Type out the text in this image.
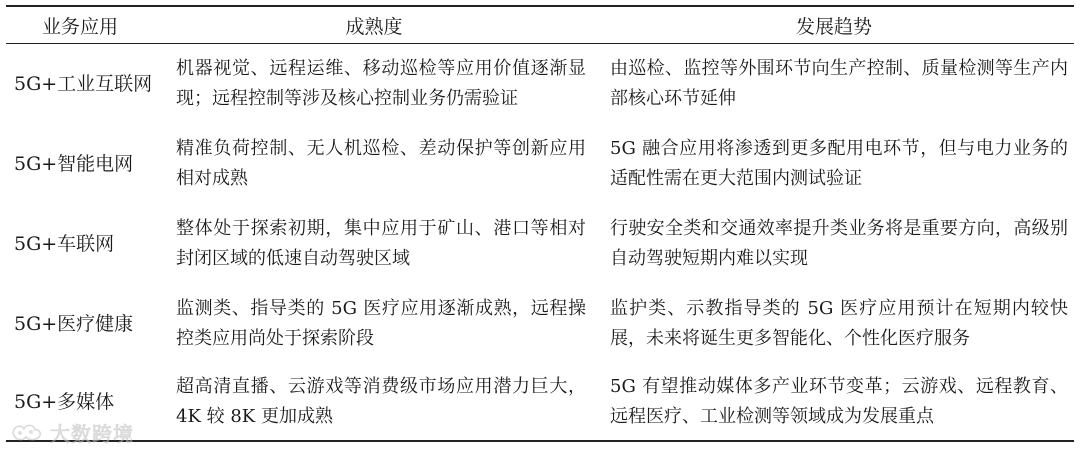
业务应用	成熟度	发展趋势
5G+工业互联网	机器视觉、远程运维、移动巡检等应用价值逐渐显现；远程控制等涉及核心控制业务仍需验证	由巡检、监控等外围环节向生产控制、质量检测等生产内部核心环节延伸
5G+智能电网	精准负荷控制、无人机巡检、差动保护等创新应用相对成熟	5G 融合应用将渗透到更多配用电环节，但与电力业务的适配性需在更大范围内测试验证
5G+车联网	整体处于探索初期，集中应用于矿山、港口等相对封闭区域的低速自动驾驶区域	行驶安全类和交通效率提升类业务将是重要方向，高级别自动驾驶短期内难以实现
5G+医疗健康	监测类、指导类的 5G 医疗应用逐渐成熟，远程操控类应用尚处于探索阶段	监护类、示教指导类的 5G 医疗应用预计在短期内较快展，未来将诞生更多智能化、个性化医疗服务
5G+多媒体	超高清直播、云游戏等消费级市场应用潜力巨大，4K 较 8K 更加成熟	5G 有望推动媒体多产业环节变革；云游戏、远程教育、远程医疗、工业检测等领域成为发展重点
大数跨境
